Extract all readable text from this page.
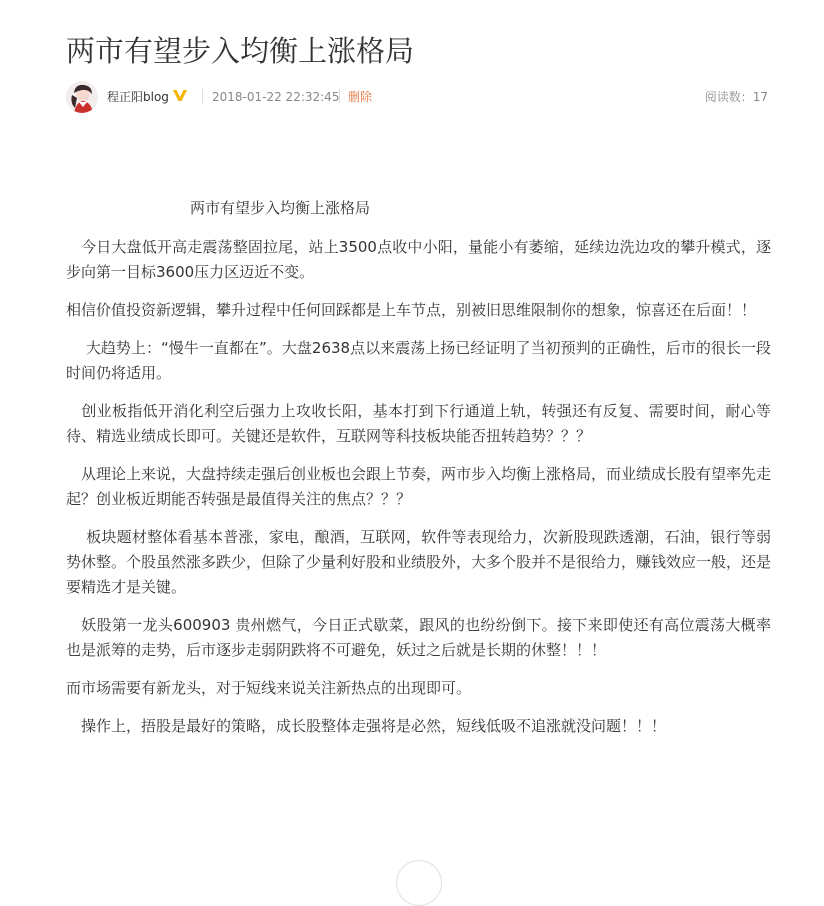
两市有望步入均衡上涨格局
程正阳blog	2018-01-22 22:32:45 删除	阅读数：17
两市有望步入均衡上涨格局

　今日大盘低开高走震荡整固拉尾，站上3500点收中小阳，量能小有萎缩，延续边洗边攻的攀升模式，逐步向第一目标3600压力区迈近不变。

相信价值投资新逻辑，攀升过程中任何回踩都是上车节点，别被旧思维限制你的想象，惊喜还在后面！！

　 大趋势上：“慢牛一直都在”。大盘2638点以来震荡上扬已经证明了当初预判的正确性，后市的很长一段时间仍将适用。

　创业板指低开消化利空后强力上攻收长阳，基本打到下行通道上轨，转强还有反复、需要时间，耐心等待、精选业绩成长即可。关键还是软件，互联网等科技板块能否扭转趋势？？？

　从理论上来说，大盘持续走强后创业板也会跟上节奏，两市步入均衡上涨格局，而业绩成长股有望率先走起？创业板近期能否转强是最值得关注的焦点？？？

　 板块题材整体看基本普涨，家电，酿酒，互联网，软件等表现给力，次新股现跌透潮，石油，银行等弱势休整。个股虽然涨多跌少，但除了少量利好股和业绩股外，大多个股并不是很给力，赚钱效应一般，还是要精选才是关键。

　妖股第一龙头600903 贵州燃气，今日正式歇菜，跟风的也纷纷倒下。接下来即使还有高位震荡大概率也是派筹的走势，后市逐步走弱阴跌将不可避免，妖过之后就是长期的休整！！！

而市场需要有新龙头，对于短线来说关注新热点的出现即可。

　操作上，捂股是最好的策略，成长股整体走强将是必然，短线低吸不追涨就没问题！！！
